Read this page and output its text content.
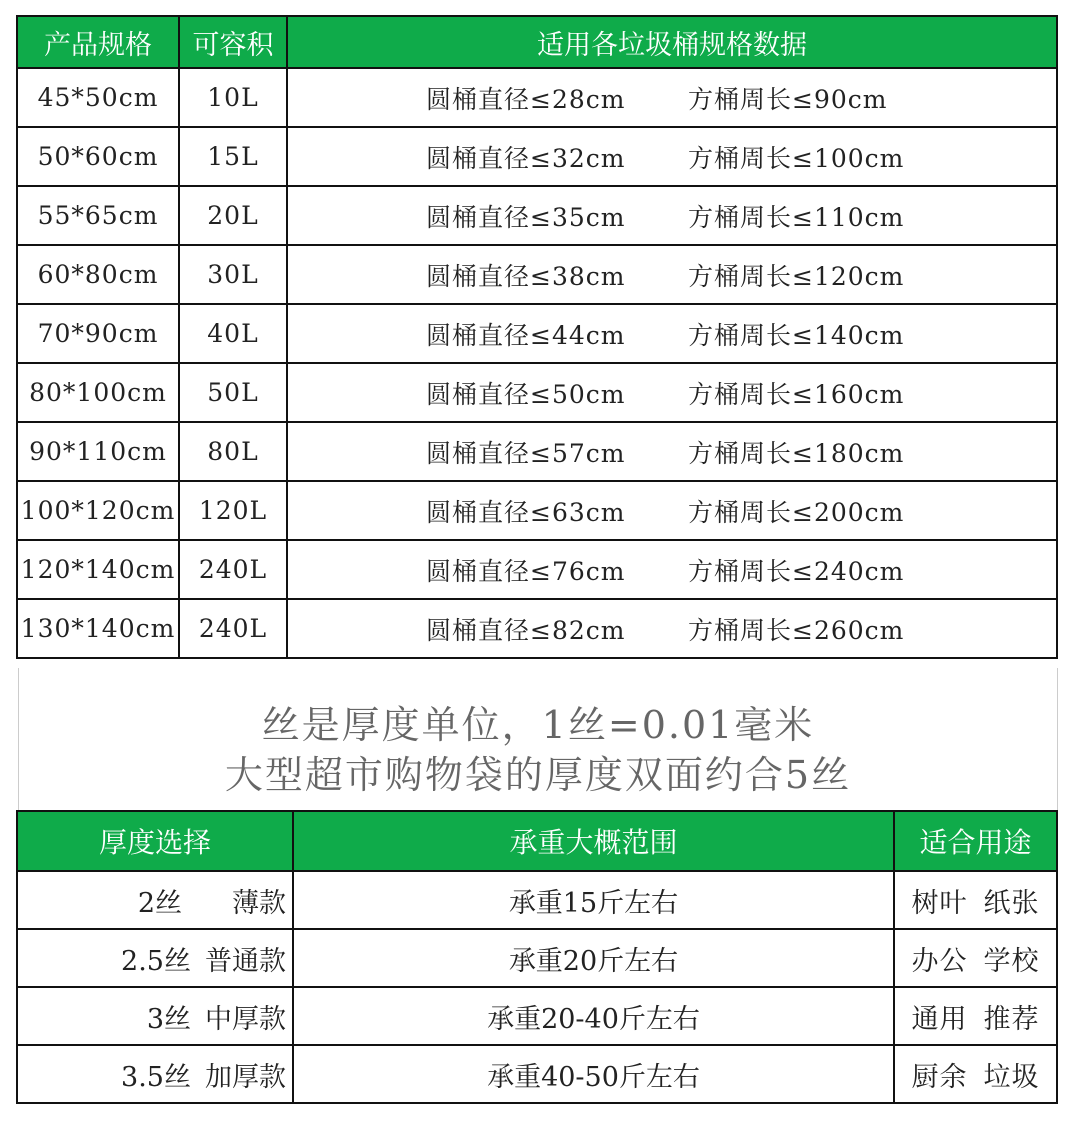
产品规格	可容积	适用各垃圾桶规格数据
45*50cm	10L	圆桶直径≤28cm 方桶周长≤90cm

50*60cm	15L	圆桶直径≤32cm 方桶周长≤100cm

55*65cm	20L	圆桶直径≤35cm 方桶周长≤110cm

60*80cm	30L	圆桶直径≤38cm 方桶周长≤120cm

70*90cm	40L	圆桶直径≤44cm 方桶周长≤140cm

80*100cm	50L	圆桶直径≤50cm 方桶周长≤160cm

90*110cm	80L	圆桶直径≤57cm 方桶周长≤180cm

100*120cm	120L	圆桶直径≤63cm 方桶周长≤200cm

120*140cm	240L	圆桶直径≤76cm 方桶周长≤240cm

130*140cm	240L	圆桶直径≤82cm 方桶周长≤260cm
丝是厚度单位，1丝=0.01毫米
大型超市购物袋的厚度双面约合5丝
厚度选择	承重大概范围	适合用途
2丝 薄款	承重15斤左右	树叶 纸张
2.5丝 普通款	承重20斤左右	办公 学校
3丝 中厚款	承重20-40斤左右	通用 推荐
3.5丝 加厚款	承重40-50斤左右	厨余 垃圾
